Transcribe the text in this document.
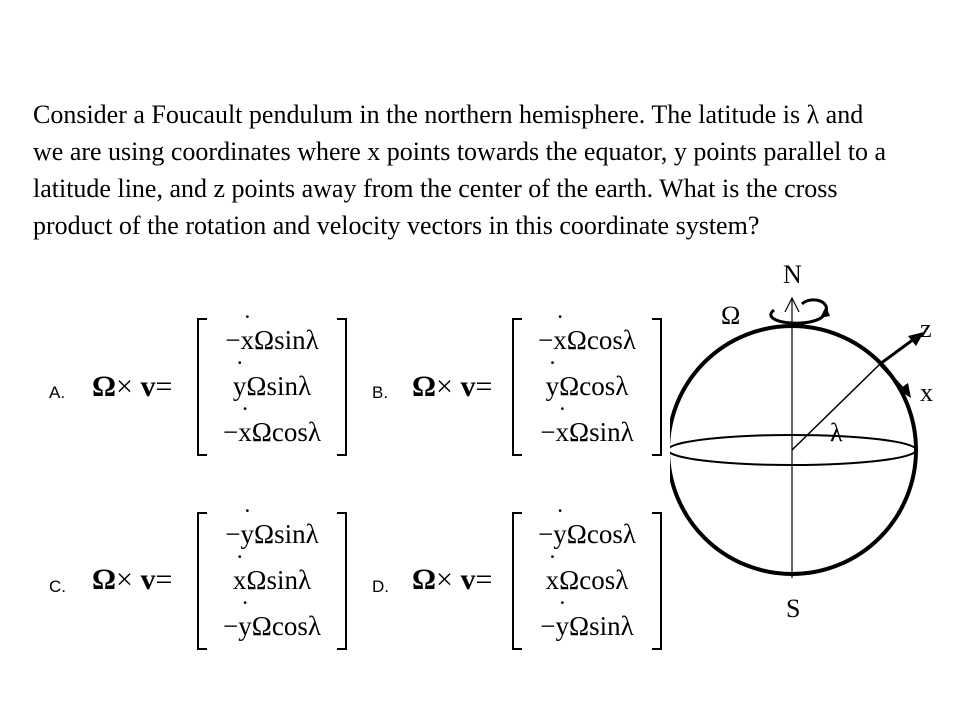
Consider a Foucault pendulum in the northern hemisphere. The latitude is λ and we are using coordinates where x points towards the equator, y points parallel to a latitude line, and z points away from the center of the earth. What is the cross product of the rotation and velocity vectors in this coordinate system?

A. Ω× v=
−x ˙Ωsinλ
y ˙Ωsinλ
−x ˙Ωcosλ
B. Ω× v=
−x ˙Ωcosλ
y ˙Ωcosλ
−x ˙Ωsinλ
C. Ω× v=
−y ˙Ωsinλ
x ˙Ωsinλ
−y ˙Ωcosλ
D. Ω× v=
−y ˙Ωcosλ
x ˙Ωcosλ
−y ˙Ωsinλ
N
S
Ω	z
x
λ
